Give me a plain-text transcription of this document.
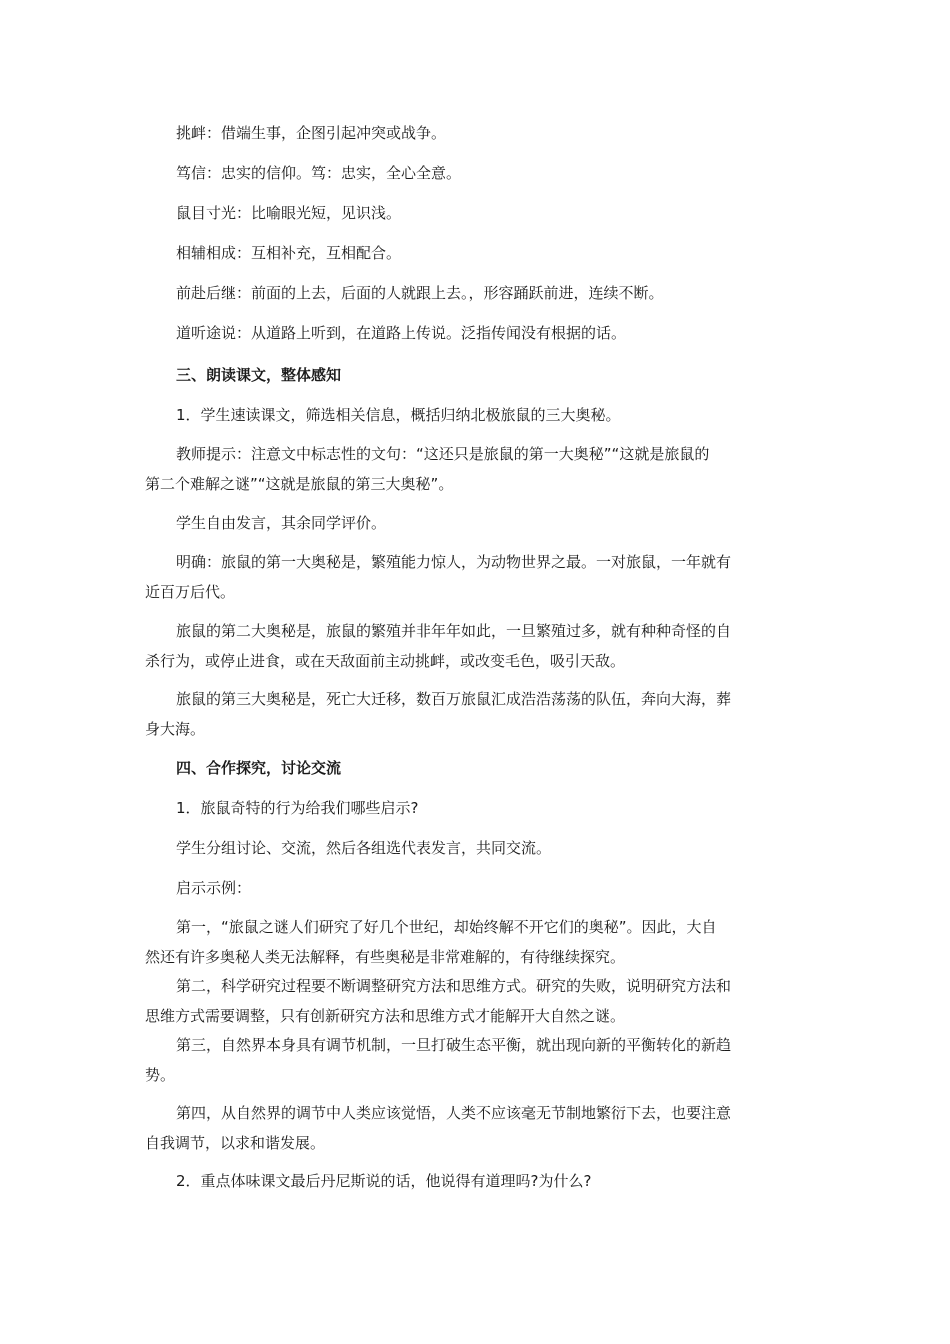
挑衅：借端生事，企图引起冲突或战争。

笃信：忠实的信仰。笃：忠实，全心全意。

鼠目寸光：比喻眼光短，见识浅。

相辅相成：互相补充，互相配合。

前赴后继：前面的上去，后面的人就跟上去。，形容踊跃前进，连续不断。

道听途说：从道路上听到，在道路上传说。泛指传闻没有根据的话。

三、朗读课文，整体感知

1．学生速读课文，筛选相关信息，概括归纳北极旅鼠的三大奥秘。

教师提示：注意文中标志性的文句：“这还只是旅鼠的第一大奥秘”“这就是旅鼠的

第二个难解之谜”“这就是旅鼠的第三大奥秘”。

学生自由发言，其余同学评价。

明确：旅鼠的第一大奥秘是，繁殖能力惊人，为动物世界之最。一对旅鼠，一年就有

近百万后代。

旅鼠的第二大奥秘是，旅鼠的繁殖并非年年如此，一旦繁殖过多，就有种种奇怪的自

杀行为，或停止进食，或在天敌面前主动挑衅，或改变毛色，吸引天敌。

旅鼠的第三大奥秘是，死亡大迁移，数百万旅鼠汇成浩浩荡荡的队伍，奔向大海，葬

身大海。

四、合作探究，讨论交流

1．旅鼠奇特的行为给我们哪些启示?

学生分组讨论、交流，然后各组选代表发言，共同交流。

启示示例：

第一，“旅鼠之谜人们研究了好几个世纪，却始终解不开它们的奥秘”。因此，大自

然还有许多奥秘人类无法解释，有些奥秘是非常难解的，有待继续探究。

第二，科学研究过程要不断调整研究方法和思维方式。研究的失败，说明研究方法和

思维方式需要调整，只有创新研究方法和思维方式才能解开大自然之谜。

第三，自然界本身具有调节机制，一旦打破生态平衡，就出现向新的平衡转化的新趋

势。

第四，从自然界的调节中人类应该觉悟，人类不应该毫无节制地繁衍下去，也要注意

自我调节，以求和谐发展。

2．重点体味课文最后丹尼斯说的话，他说得有道理吗?为什么?
